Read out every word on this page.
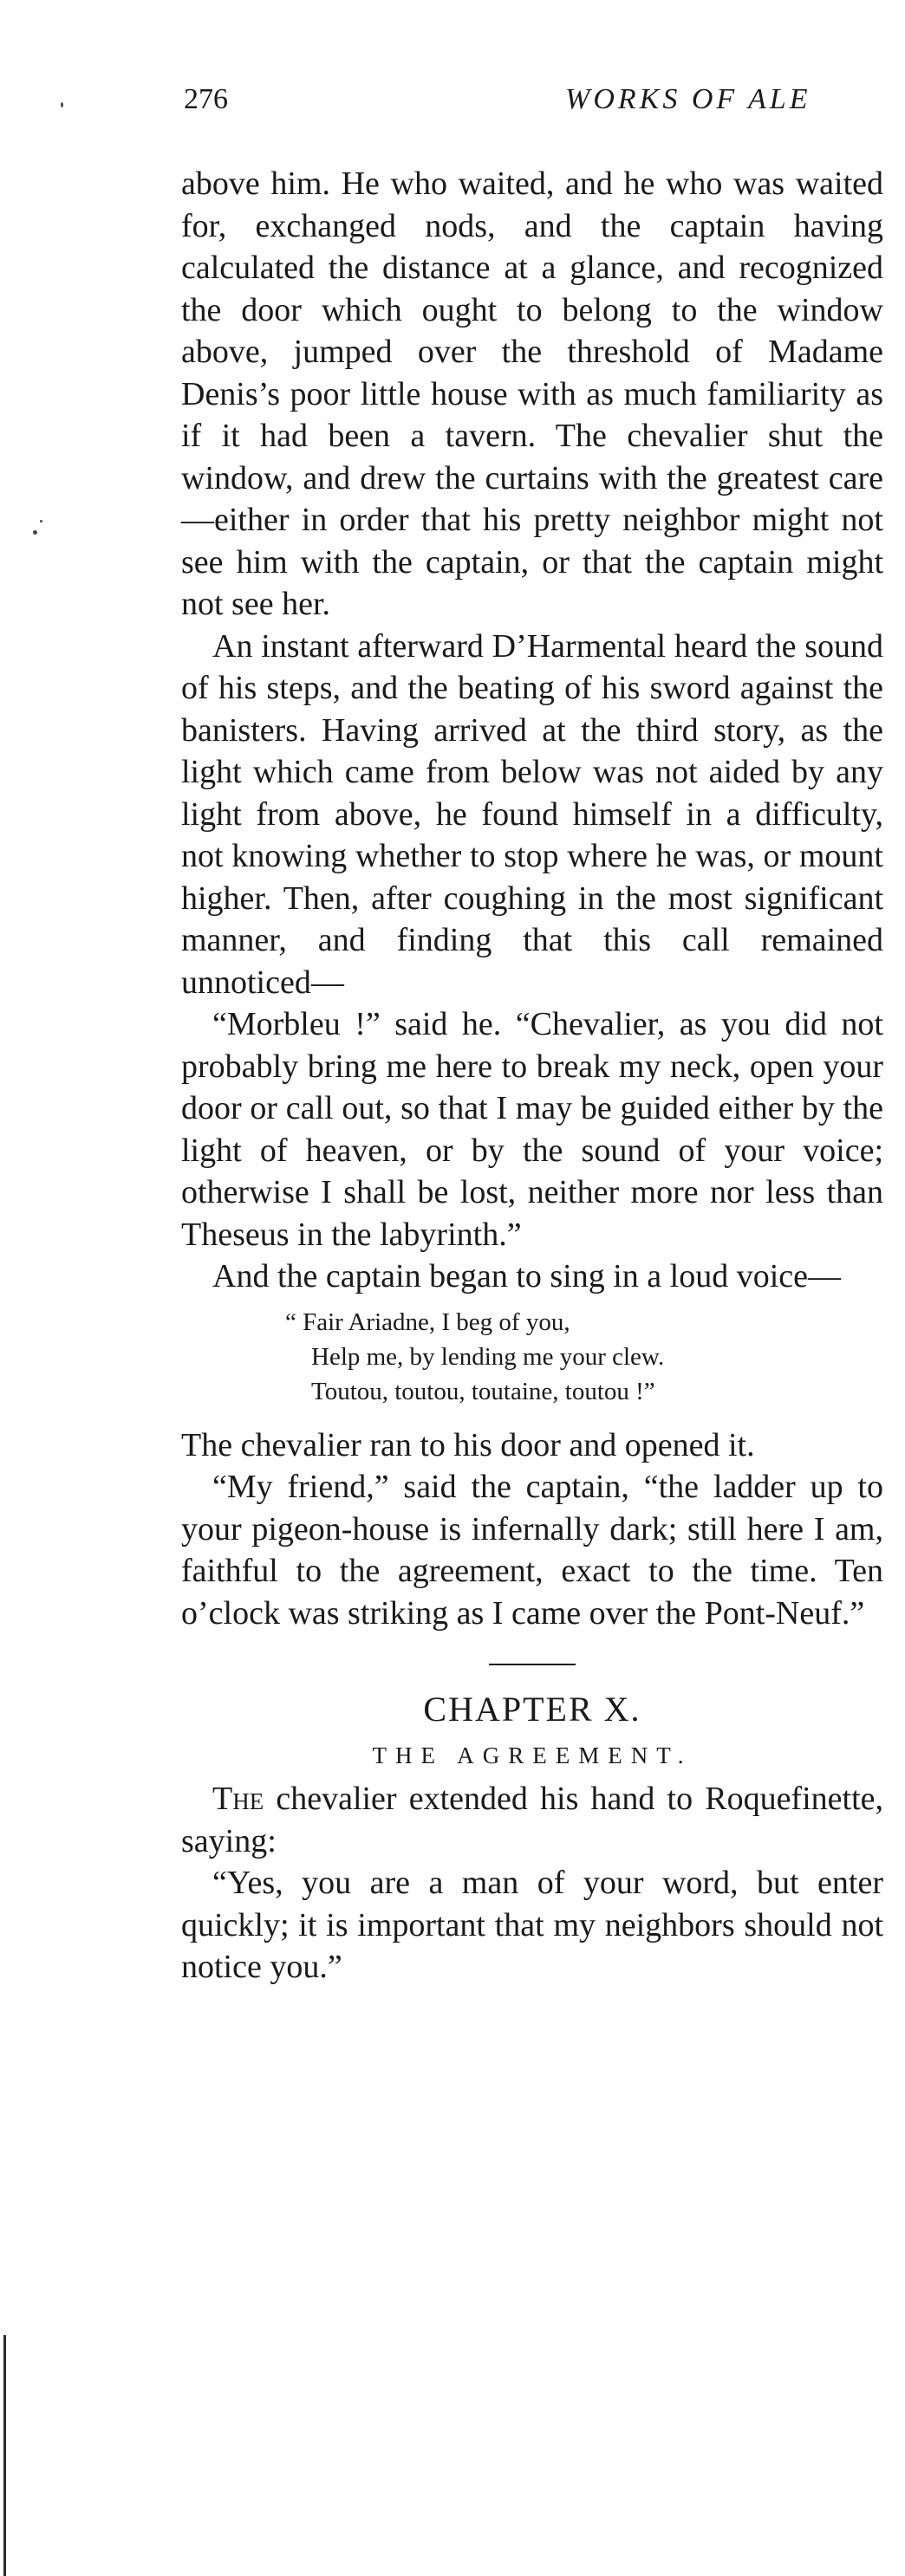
276	WORKS OF ALE

above him. He who waited, and he who was waited for, exchanged nods, and the captain having calculated the distance at a glance, and recognized the door which ought to belong to the window above, jumped over the threshold of Madame Denis’s poor little house with as much familiarity as if it had been a tavern. The chevalier shut the window, and drew the curtains with the greatest care—either in order that his pretty neighbor might not see him with the captain, or that the captain might not see her.

An instant afterward D’Harmental heard the sound of his steps, and the beating of his sword against the banisters. Having arrived at the third story, as the light which came from below was not aided by any light from above, he found himself in a difficulty, not knowing whether to stop where he was, or mount higher. Then, after coughing in the most significant manner, and finding that this call remained unnoticed—

“Morbleu !” said he. “Chevalier, as you did not probably bring me here to break my neck, open your door or call out, so that I may be guided either by the light of heaven, or by the sound of your voice; otherwise I shall be lost, neither more nor less than Theseus in the labyrinth.”

And the captain began to sing in a loud voice—

“ Fair Ariadne, I beg of you,
Help me, by lending me your clew.
Toutou, toutou, toutaine, toutou !”

The chevalier ran to his door and opened it.

“My friend,” said the captain, “the ladder up to your pigeon-house is infernally dark; still here I am, faithful to the agreement, exact to the time. Ten o’clock was striking as I came over the Pont-Neuf.”

CHAPTER X.

THE AGREEMENT.

The chevalier extended his hand to Roquefinette, saying:

“Yes, you are a man of your word, but enter quickly; it is important that my neighbors should not notice you.”
